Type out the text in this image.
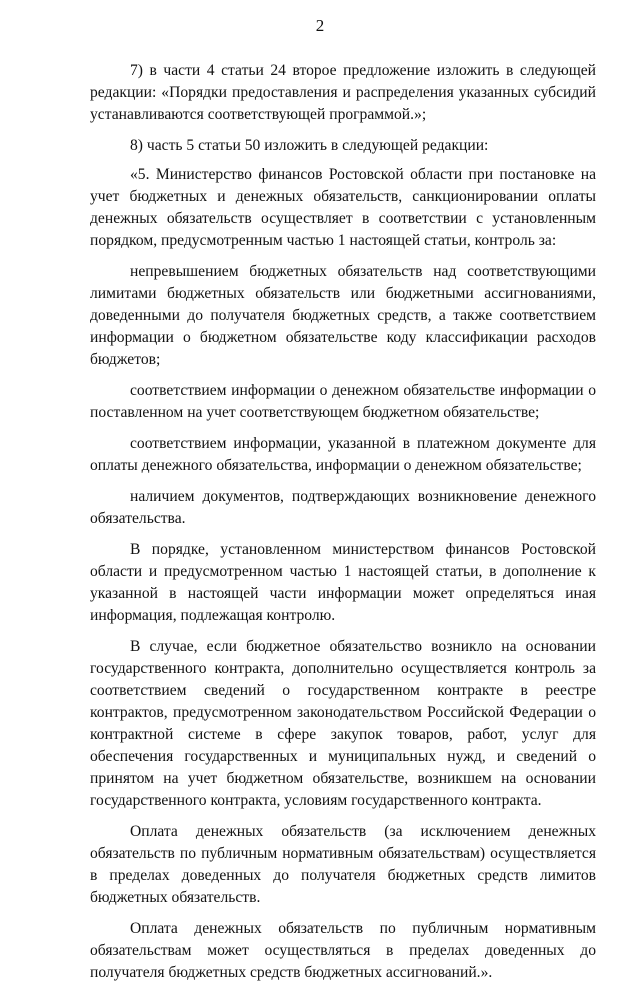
2

7) в части 4 статьи 24 второе предложение изложить в следующей редакции: «Порядки предоставления и распределения указанных субсидий устанавливаются соответствующей программой.»;

8) часть 5 статьи 50 изложить в следующей редакции:

«5. Министерство финансов Ростовской области при постановке на учет бюджетных и денежных обязательств, санкционировании оплаты денежных обязательств осуществляет в соответствии с установленным порядком, предусмотренным частью 1 настоящей статьи, контроль за:

непревышением бюджетных обязательств над соответствующими лимитами бюджетных обязательств или бюджетными ассигнованиями, доведенными до получателя бюджетных средств, а также соответствием информации о бюджетном обязательстве коду классификации расходов бюджетов;

соответствием информации о денежном обязательстве информации о поставленном на учет соответствующем бюджетном обязательстве;

соответствием информации, указанной в платежном документе для оплаты денежного обязательства, информации о денежном обязательстве;

наличием документов, подтверждающих возникновение денежного обязательства.

В порядке, установленном министерством финансов Ростовской области и предусмотренном частью 1 настоящей статьи, в дополнение к указанной в настоящей части информации может определяться иная информация, подлежащая контролю.

В случае, если бюджетное обязательство возникло на основании государственного контракта, дополнительно осуществляется контроль за соответствием сведений о государственном контракте в реестре контрактов, предусмотренном законодательством Российской Федерации о контрактной системе в сфере закупок товаров, работ, услуг для обеспечения государственных и муниципальных нужд, и сведений о принятом на учет бюджетном обязательстве, возникшем на основании государственного контракта, условиям государственного контракта.

Оплата денежных обязательств (за исключением денежных обязательств по публичным нормативным обязательствам) осуществляется в пределах доведенных до получателя бюджетных средств лимитов бюджетных обязательств.

Оплата денежных обязательств по публичным нормативным обязательствам может осуществляться в пределах доведенных до получателя бюджетных средств бюджетных ассигнований.».
